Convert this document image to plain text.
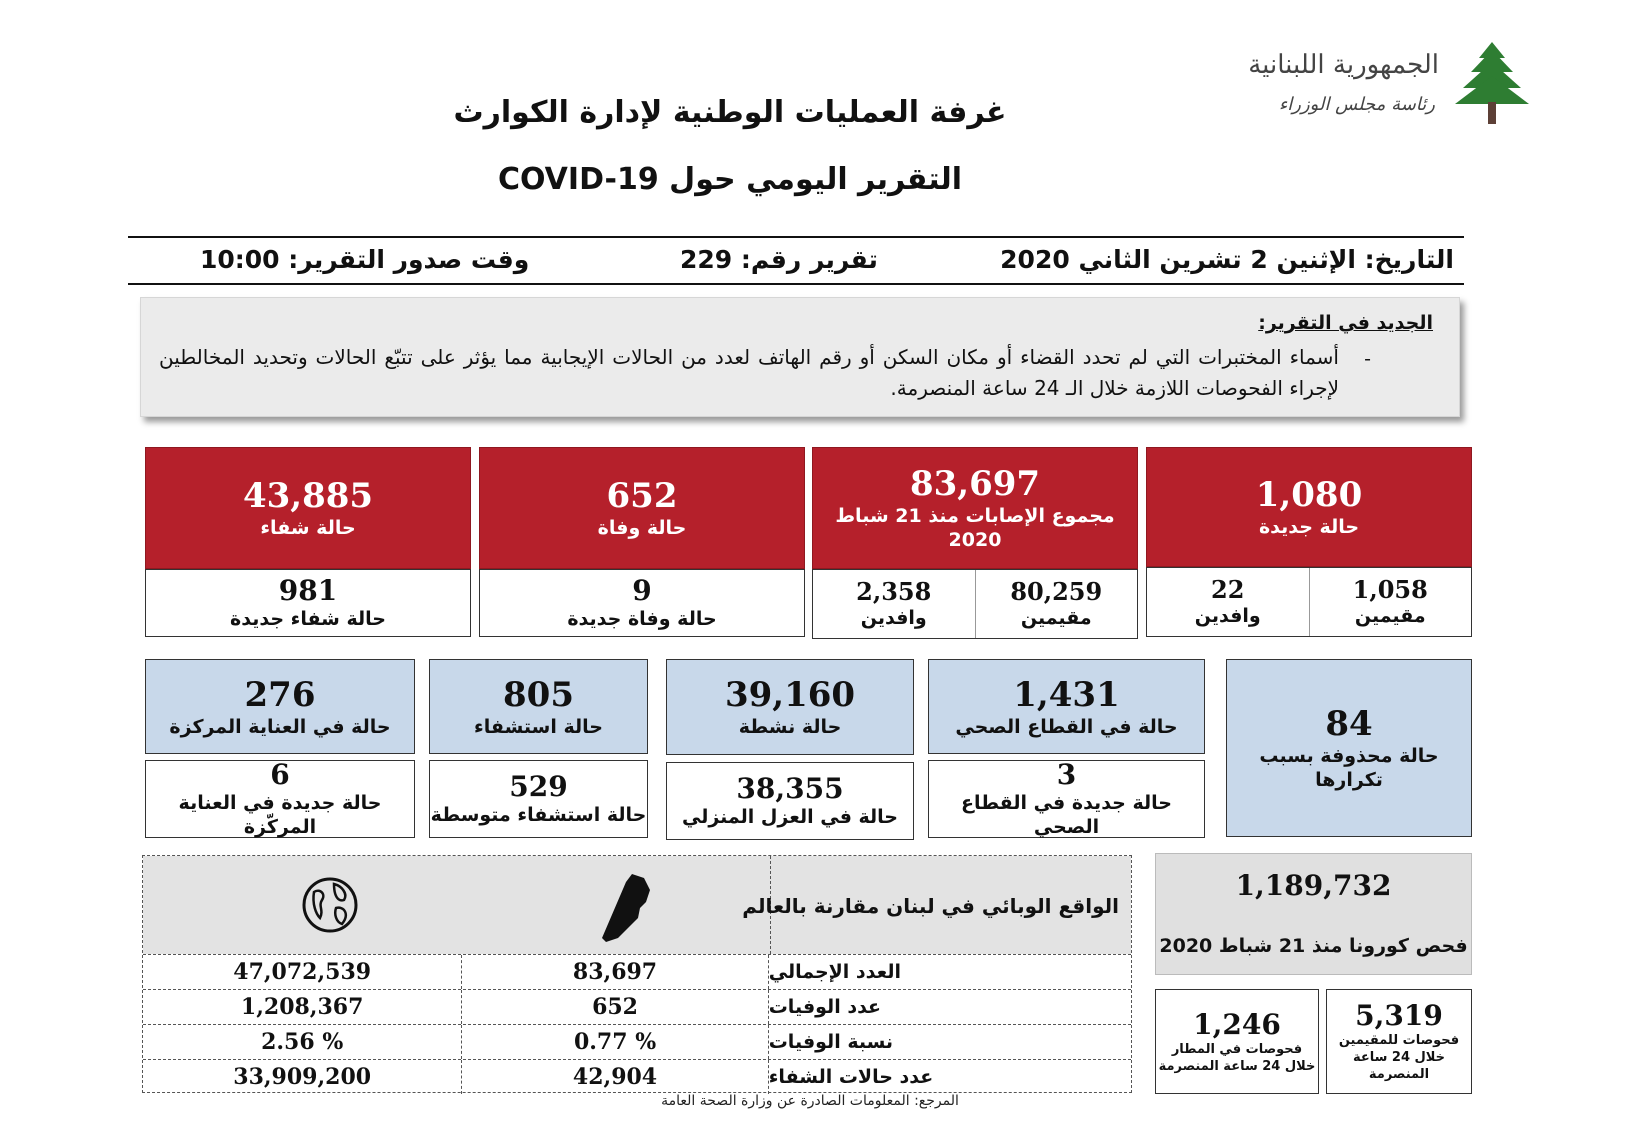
الجمهورية اللبنانية
رئاسة مجلس الوزراء
غرفة العمليات الوطنية لإدارة الكوارث
التقرير اليومي حول COVID-19
التاريخ: الإثنين 2 تشرين الثاني 2020
تقرير رقم: 229
وقت صدور التقرير: 10:00
الجديد في التقرير:
-
أسماء المختبرات التي لم تحدد القضاء أو مكان السكن أو رقم الهاتف لعدد من الحالات الإيجابية مما يؤثر على تتبّع الحالات وتحديد المخالطين لإجراء الفحوصات اللازمة خلال الـ 24 ساعة المنصرمة.
1,080
حالة جديدة
22
وافدين
1,058
مقيمين
83,697
مجموع الإصابات منذ 21 شباط 2020
2,358
وافدين
80,259
مقيمين
652
حالة وفاة
9
حالة وفاة جديدة
43,885
حالة شفاء
981
حالة شفاء جديدة
84
حالة محذوفة بسبب تكرارها
1,431
حالة في القطاع الصحي
3
حالة جديدة في القطاع الصحي
39,160
حالة نشطة
38,355
حالة في العزل المنزلي
805
حالة استشفاء
529
حالة استشفاء متوسطة
276
حالة في العناية المركزة
6
حالة جديدة في العناية المركّزة
1,189,732
فحص كورونا منذ 21 شباط 2020
5,319
فحوصات للمقيمين خلال 24 ساعة المنصرمة
1,246
فحوصات في المطار خلال 24 ساعة المنصرمة
الواقع الوبائي في لبنان مقارنة بالعالم
47,072,539	83,697	العدد الإجمالي
1,208,367	652	عدد الوفيات
2.56 %	0.77 %	نسبة الوفيات
33,909,200	42,904	عدد حالات الشفاء
المرجع: المعلومات الصادرة عن وزارة الصحة العامة
